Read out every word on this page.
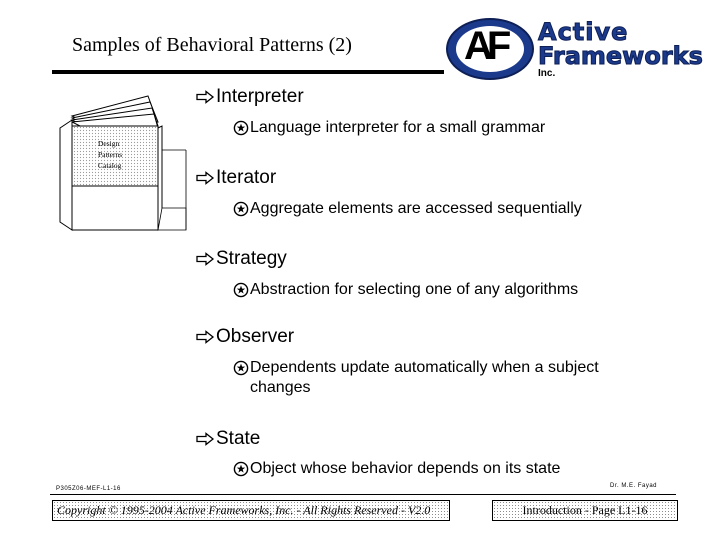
Samples of Behavioral Patterns (2)	AF Active
Frameworks
Inc.
Design
Patterns
Catalog
Interpreter
Language interpreter for a small grammar
Iterator
Aggregate elements are accessed sequentially
Strategy
Abstraction for selecting one of any algorithms
Observer
Dependents update automatically when a subject
changes
State
Object whose behavior depends on its state
P305Z06-MEF-L1-16	Dr. M.E. Fayad
Copyright © 1995-2004 Active Frameworks, Inc. - All Rights Reserved - V2.0	Introduction - Page L1-16
